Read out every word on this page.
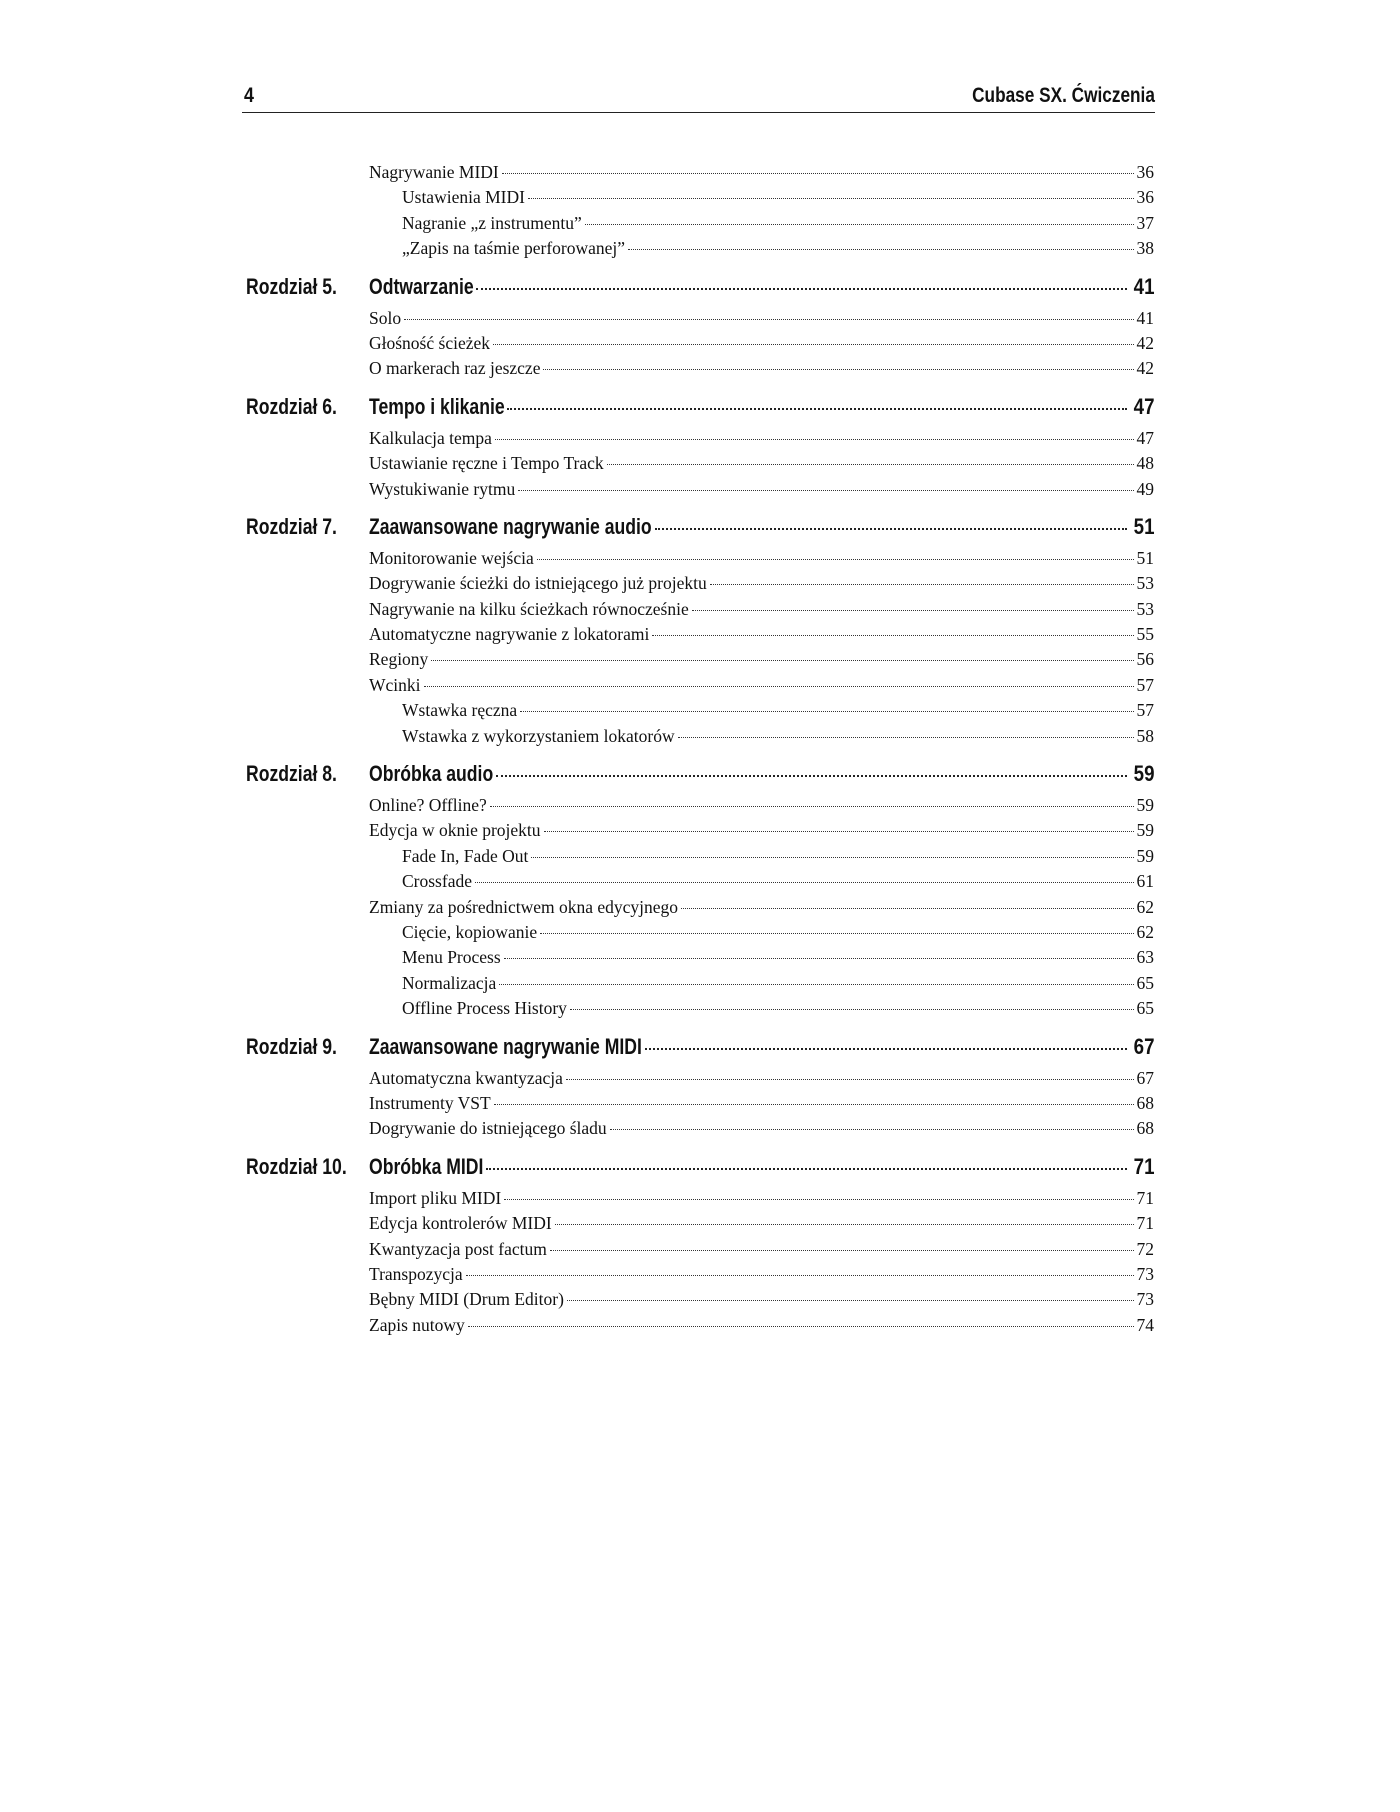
4	Cubase SX. Ćwiczenia
Nagrywanie MIDI	36
Ustawienia MIDI	36
Nagranie „z instrumentu”	37
„Zapis na taśmie perforowanej”	38
Rozdział 5. Odtwarzanie	41
Solo	41
Głośność ścieżek	42
O markerach raz jeszcze	42
Rozdział 6. Tempo i klikanie	47
Kalkulacja tempa	47
Ustawianie ręczne i Tempo Track	48
Wystukiwanie rytmu	49
Rozdział 7. Zaawansowane nagrywanie audio	51
Monitorowanie wejścia	51
Dogrywanie ścieżki do istniejącego już projektu	53
Nagrywanie na kilku ścieżkach równocześnie	53
Automatyczne nagrywanie z lokatorami	55
Regiony	56
Wcinki	57
Wstawka ręczna	57
Wstawka z wykorzystaniem lokatorów	58
Rozdział 8. Obróbka audio	59
Online? Offline?	59
Edycja w oknie projektu	59
Fade In, Fade Out	59
Crossfade	61
Zmiany za pośrednictwem okna edycyjnego	62
Cięcie, kopiowanie	62
Menu Process	63
Normalizacja	65
Offline Process History	65
Rozdział 9. Zaawansowane nagrywanie MIDI	67
Automatyczna kwantyzacja	67
Instrumenty VST	68
Dogrywanie do istniejącego śladu	68
Rozdział 10. Obróbka MIDI	71
Import pliku MIDI	71
Edycja kontrolerów MIDI	71
Kwantyzacja post factum	72
Transpozycja	73
Bębny MIDI (Drum Editor)	73
Zapis nutowy	74
